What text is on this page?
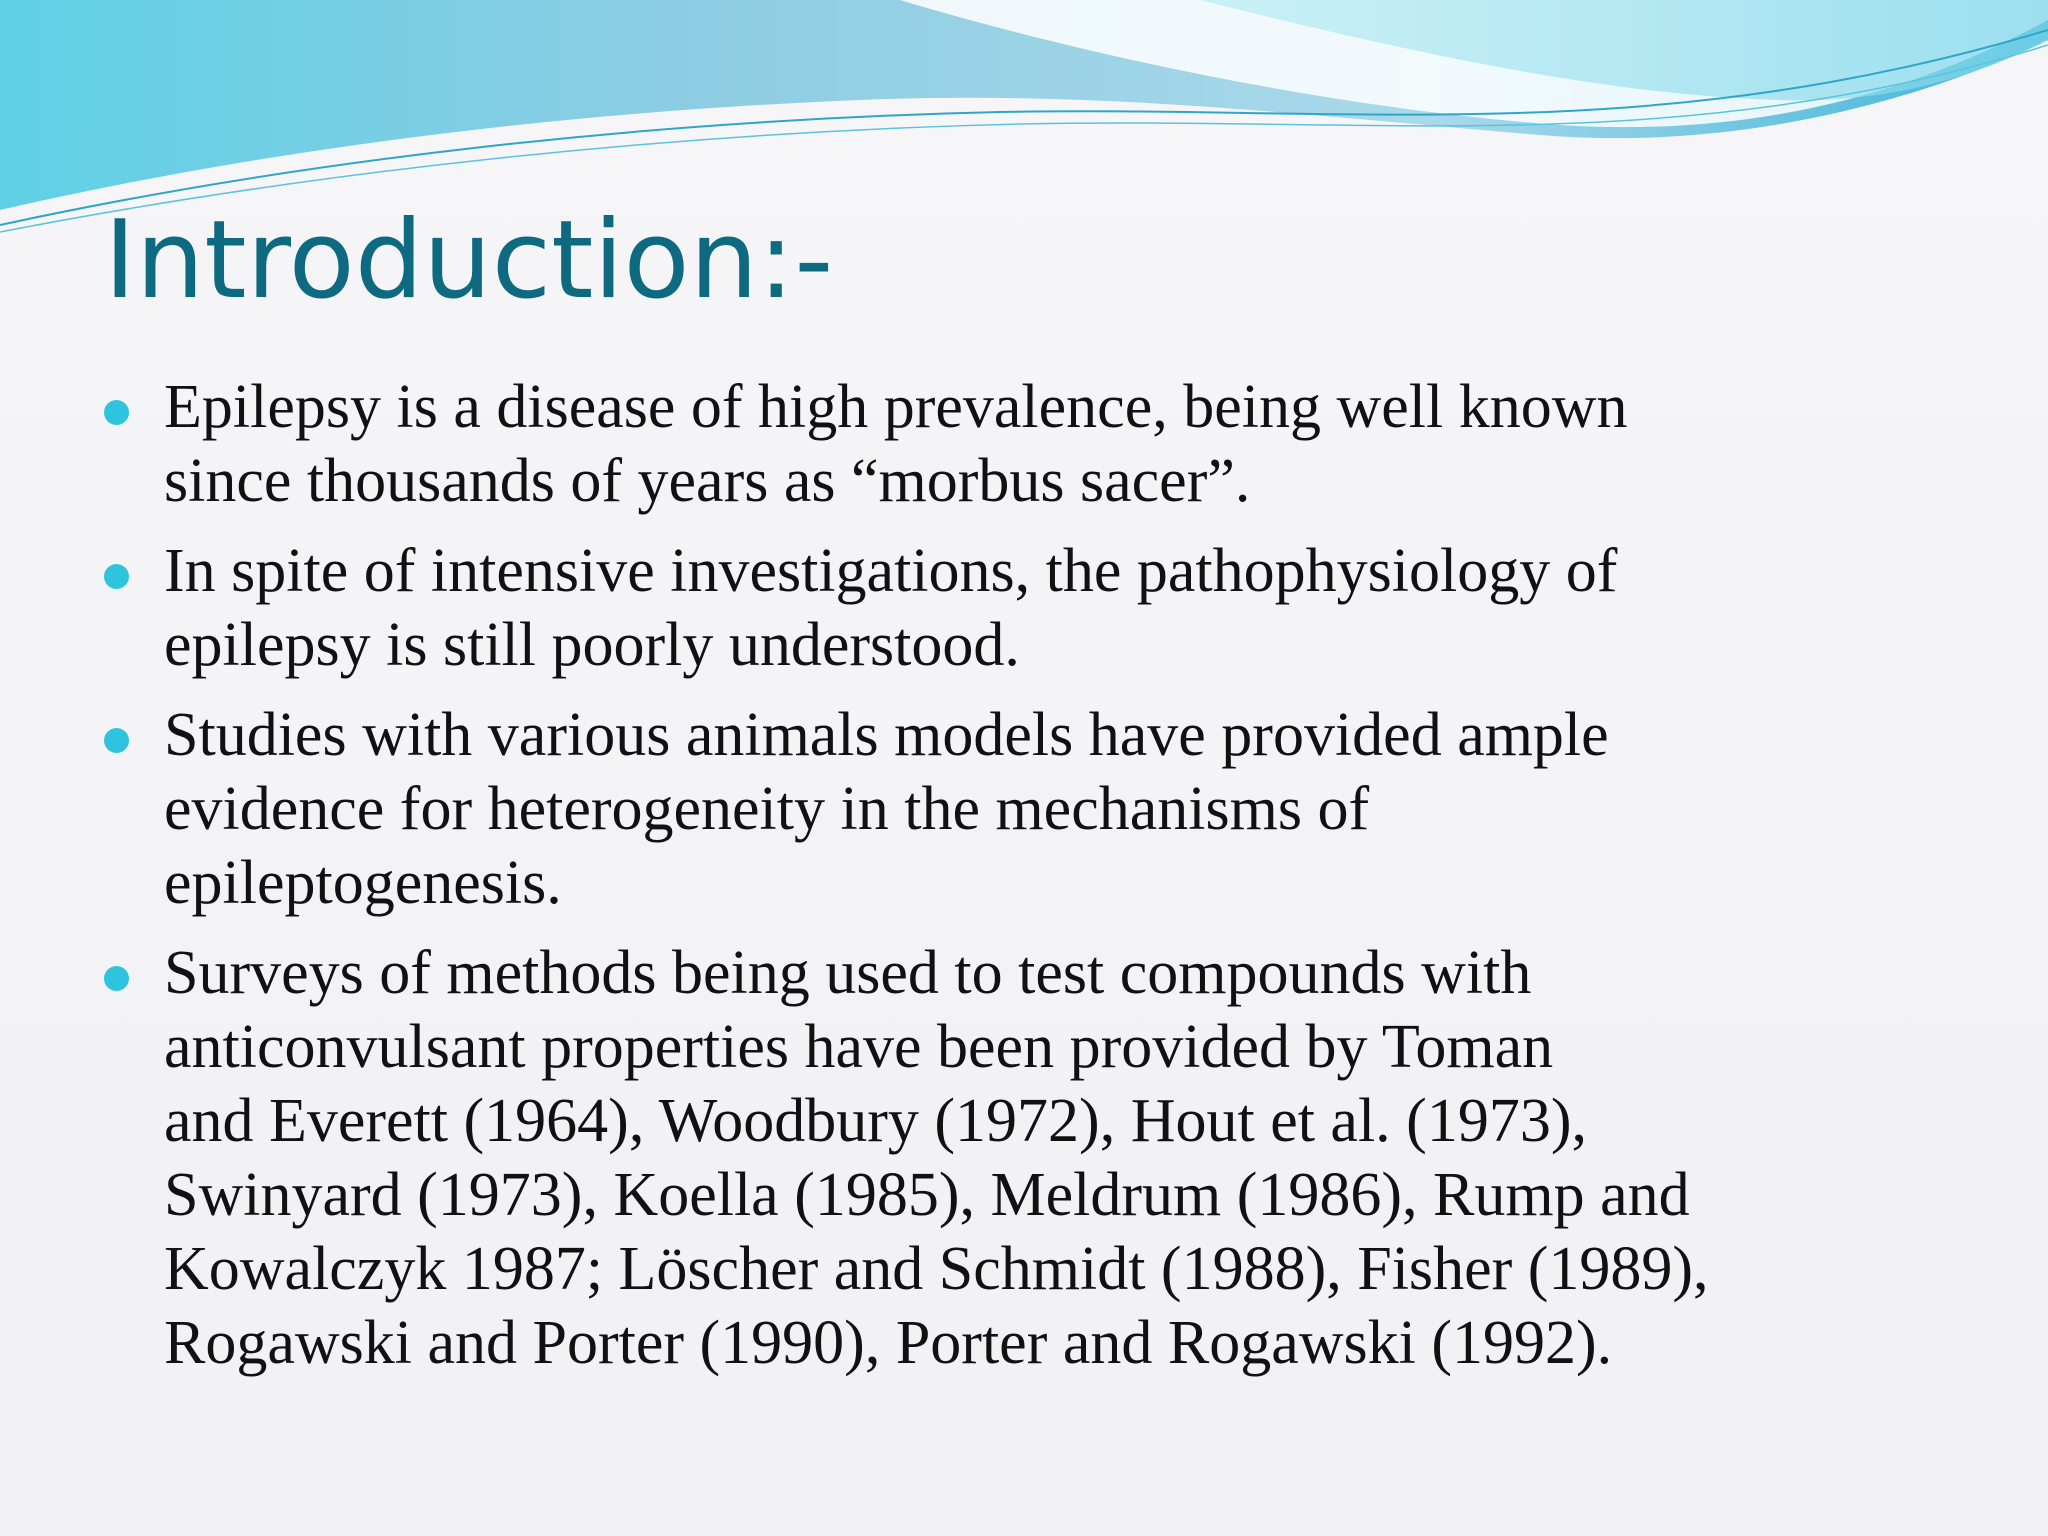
Introduction:-
Epilepsy is a disease of high prevalence, being well known
since thousands of years as “morbus sacer”.
In spite of intensive investigations, the pathophysiology of
epilepsy is still poorly understood.
Studies with various animals models have provided ample
evidence for heterogeneity in the mechanisms of
epileptogenesis.
Surveys of methods being used to test compounds with
anticonvulsant properties have been provided by Toman
and Everett (1964), Woodbury (1972), Hout et al. (1973),
Swinyard (1973), Koella (1985), Meldrum (1986), Rump and
Kowalczyk 1987; Löscher and Schmidt (1988), Fisher (1989),
Rogawski and Porter (1990), Porter and Rogawski (1992).
